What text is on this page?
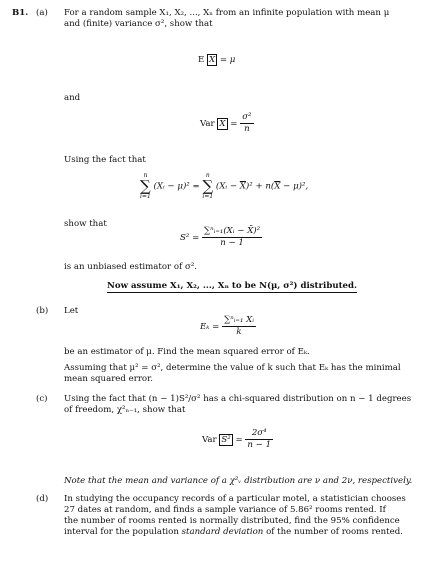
B1. (a) For a random sample X₁, X₂, ..., Xₙ from an infinite population with mean μ

and (finite) variance σ², show that

E $\overline{X} = \mu$
and
Var $\overline{X} = \frac{\text{σ²}}{n}$
Using the fact that
n
∑
i=1
(Xᵢ − μ)² =
n
∑
i=1
(Xᵢ − $\overline{X})^2 + n(\overline{X} - \mu)^2$,
show that
$S^2 = \frac{\text{∑ⁿᵢ₌₁(Xᵢ − X̄)²}}{n - 1}$
is an unbiased estimator of σ².
Now assume X₁, X₂, ..., Xₙ to be N(μ, σ²) distributed.
(b) Let
$E_k = \frac{\text{∑ⁿᵢ₌₁ Xᵢ}}{k}$

be an estimator of μ. Find the mean squared error of Eₖ.

Assuming that μ² = σ², determine the value of k such that Eₖ has the minimal

mean squared error.

(c) Using the fact that (n − 1)S²/σ² has a chi-squared distribution on n − 1 degrees

of freedom, χ²ₙ₋₁, show that

Var $S^2 = \frac{\text{2σ⁴}}{n - 1}$
Note that the mean and variance of a χ²ᵥ distribution are ν and 2ν, respectively.
(d) In studying the occupancy records of a particular motel, a statistician chooses

27 dates at random, and finds a sample variance of 5.86² rooms rented. If

the number of rooms rented is normally distributed, find the 95% confidence

interval for the population standard deviation of the number of rooms rented.
